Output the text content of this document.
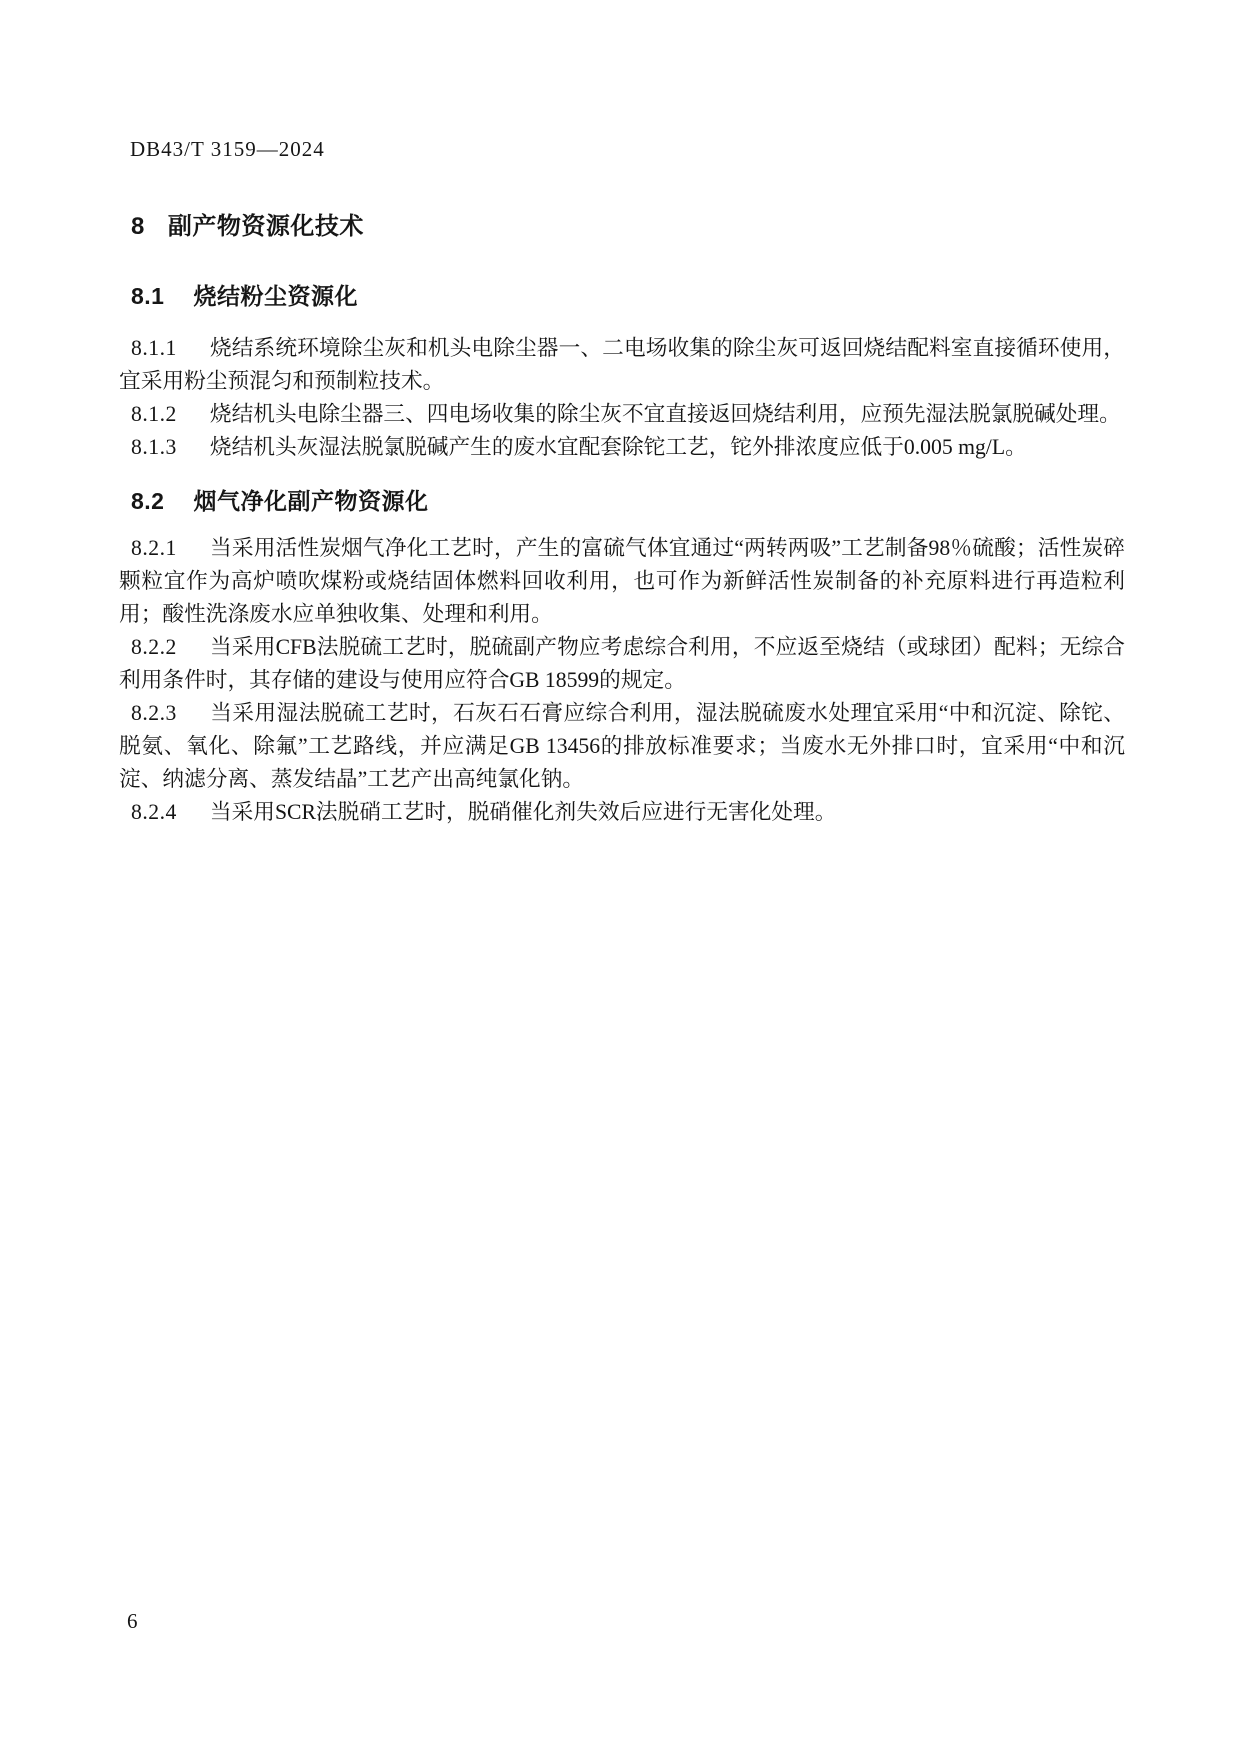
DB43/T 3159—2024
8 副产物资源化技术
8.1 烧结粉尘资源化

8.1.1 烧结系统环境除尘灰和机头电除尘器一、二电场收集的除尘灰可返回烧结配料室直接循环使用，宜采用粉尘预混匀和预制粒技术。

8.1.2 烧结机头电除尘器三、四电场收集的除尘灰不宜直接返回烧结利用，应预先湿法脱氯脱碱处理。

8.1.3 烧结机头灰湿法脱氯脱碱产生的废水宜配套除铊工艺，铊外排浓度应低于0.005 mg/L。

8.2 烟气净化副产物资源化

8.2.1 当采用活性炭烟气净化工艺时，产生的富硫气体宜通过“两转两吸”工艺制备98％硫酸；活性炭碎颗粒宜作为高炉喷吹煤粉或烧结固体燃料回收利用，也可作为新鲜活性炭制备的补充原料进行再造粒利用；酸性洗涤废水应单独收集、处理和利用。

8.2.2 当采用CFB法脱硫工艺时，脱硫副产物应考虑综合利用，不应返至烧结（或球团）配料；无综合利用条件时，其存储的建设与使用应符合GB 18599的规定。

8.2.3 当采用湿法脱硫工艺时，石灰石石膏应综合利用，湿法脱硫废水处理宜采用“中和沉淀、除铊、脱氨、氧化、除氟”工艺路线，并应满足GB 13456的排放标准要求；当废水无外排口时，宜采用“中和沉淀、纳滤分离、蒸发结晶”工艺产出高纯氯化钠。

8.2.4 当采用SCR法脱硝工艺时，脱硝催化剂失效后应进行无害化处理。

6
